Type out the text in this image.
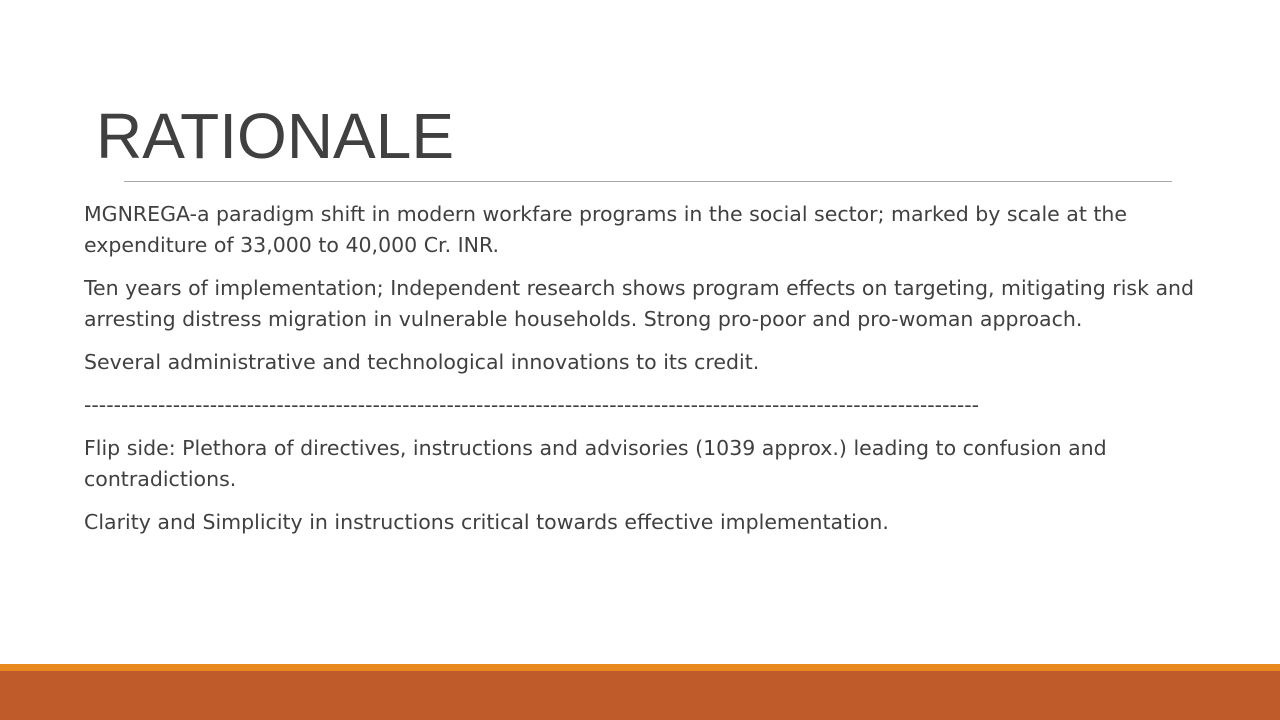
RATIONALE

MGNREGA-a paradigm shift in modern workfare programs in the social sector; marked by scale at the expenditure of 33,000 to 40,000 Cr. INR.

Ten years of implementation; Independent research shows program effects on targeting, mitigating risk and arresting distress migration in vulnerable households. Strong pro-poor and pro-woman approach.

Several administrative and technological innovations to its credit.

-------------------------------------------------------------------------------------------------------------------------

Flip side: Plethora of directives, instructions and advisories (1039 approx.) leading to confusion and contradictions.

Clarity and Simplicity in instructions critical towards effective implementation.
